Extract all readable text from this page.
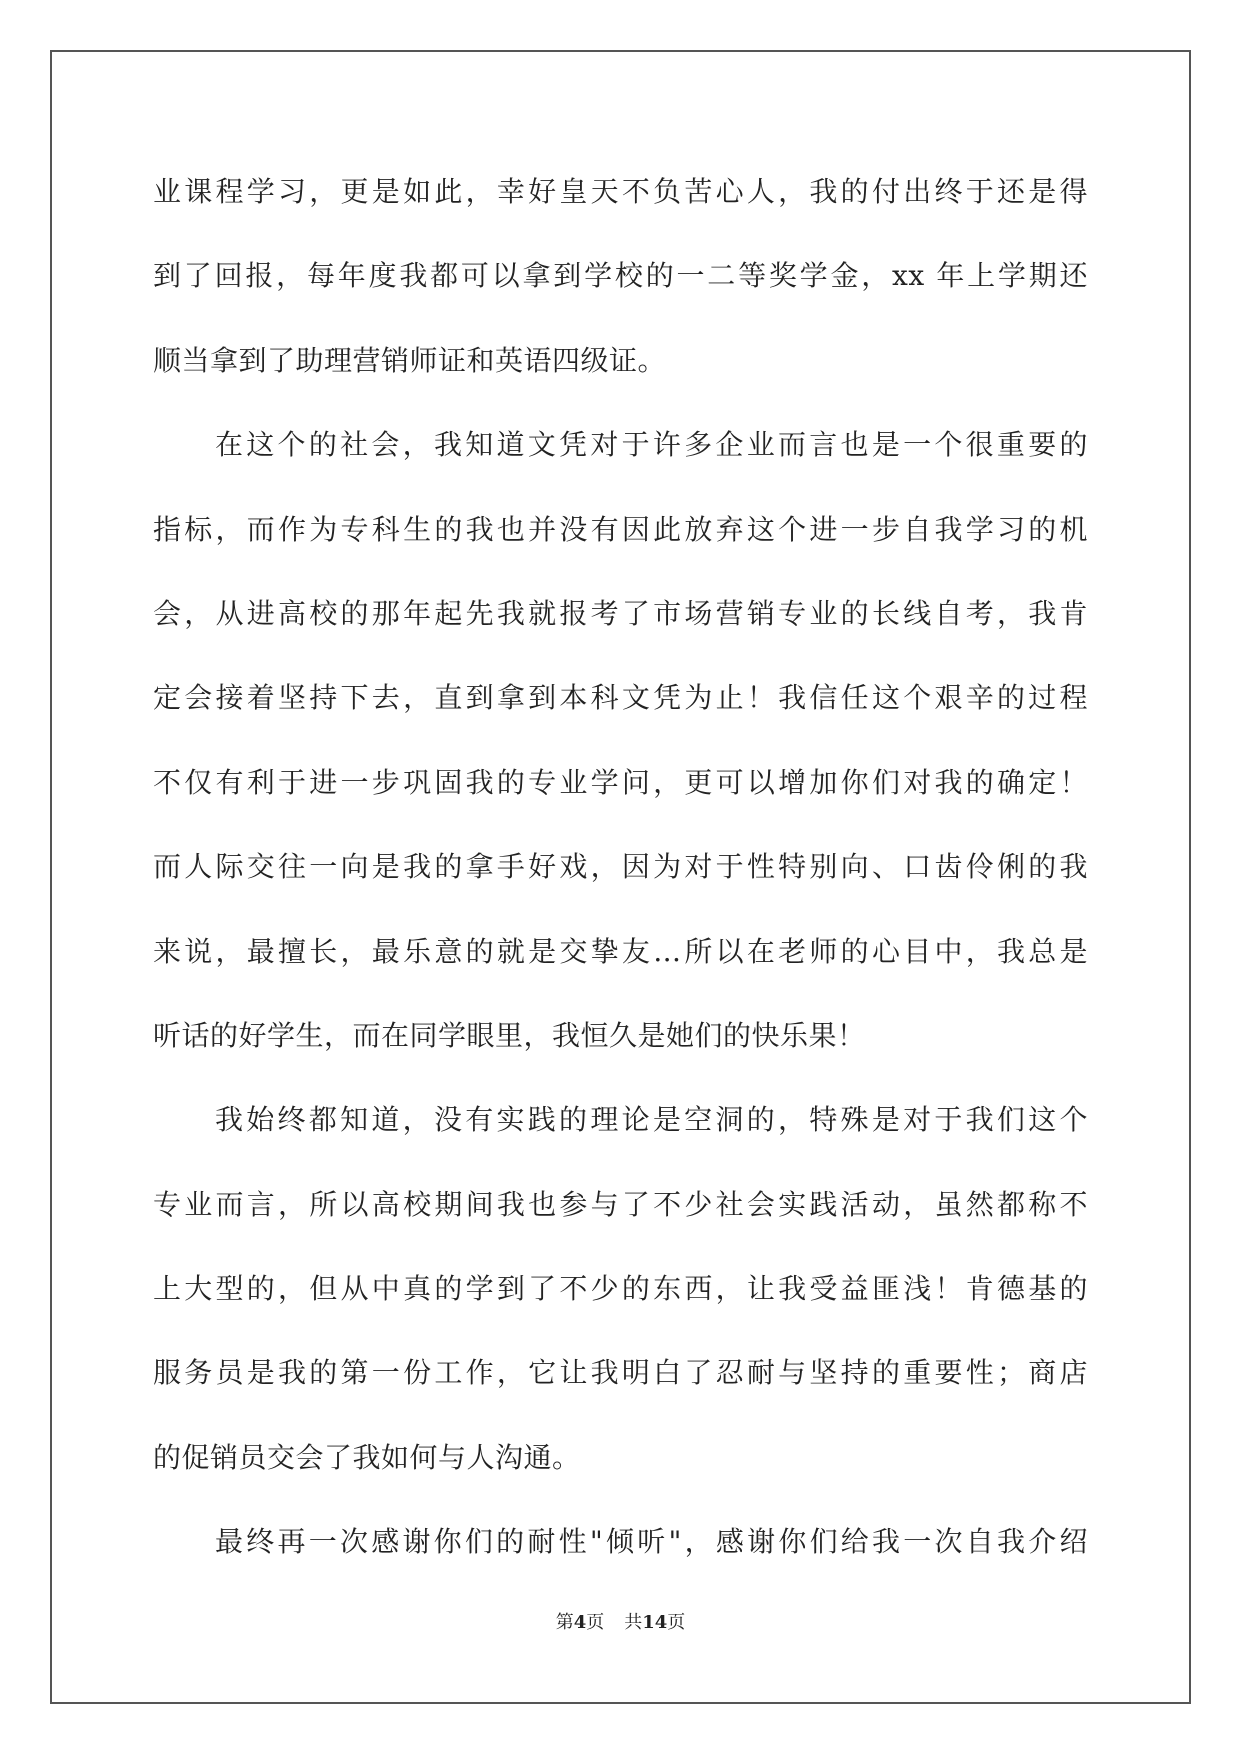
业课程学习，更是如此，幸好皇天不负苦心人，我的付出终于还是得
到了回报，每年度我都可以拿到学校的一二等奖学金，xx 年上学期还
顺当拿到了助理营销师证和英语四级证。
在这个的社会，我知道文凭对于许多企业而言也是一个很重要的
指标，而作为专科生的我也并没有因此放弃这个进一步自我学习的机
会，从进高校的那年起先我就报考了市场营销专业的长线自考，我肯
定会接着坚持下去，直到拿到本科文凭为止！我信任这个艰辛的过程
不仅有利于进一步巩固我的专业学问，更可以增加你们对我的确定！
而人际交往一向是我的拿手好戏，因为对于性特别向、口齿伶俐的我
来说，最擅长，最乐意的就是交挚友…所以在老师的心目中，我总是
听话的好学生，而在同学眼里，我恒久是她们的快乐果！
我始终都知道，没有实践的理论是空洞的，特殊是对于我们这个
专业而言，所以高校期间我也参与了不少社会实践活动，虽然都称不
上大型的，但从中真的学到了不少的东西，让我受益匪浅！肯德基的
服务员是我的第一份工作，它让我明白了忍耐与坚持的重要性；商店
的促销员交会了我如何与人沟通。
最终再一次感谢你们的耐性"倾听"，感谢你们给我一次自我介绍
第4页 共14页
